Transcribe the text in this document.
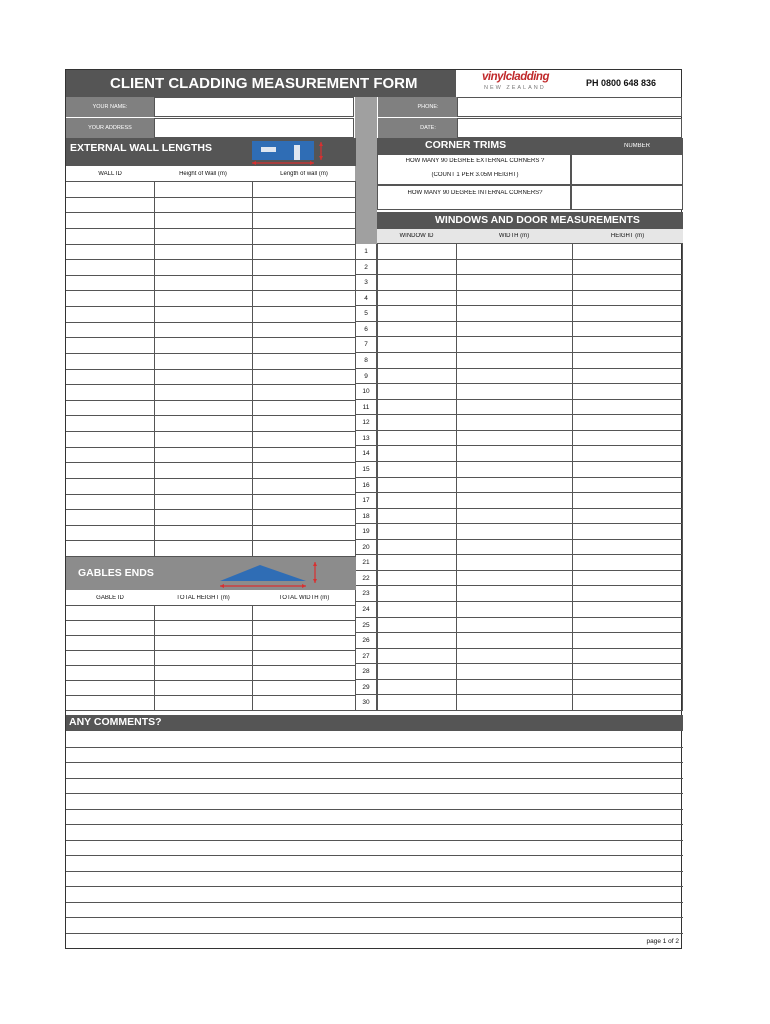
CLIENT CLADDING MEASUREMENT FORM	vinylcladding
NEW ZEALAND	PH 0800 648 836
YOUR NAME:
YOUR ADDRESS
PHONE:
DATE:
EXTERNAL WALL LENGTHS
WALL ID	Height of Wall (m)	Length of wall (m)
CORNER TRIMS	NUMBER
HOW MANY 90 DEGREE EXTERNAL CORNERS ?
(COUNT 1 PER 3.05M HEIGHT)
HOW MANY 90 DEGREE INTERNAL CORNERS?
WINDOWS AND DOOR MEASUREMENTS
WINDOW ID	WIDTH (m)	HEIGHT (m)
1
2
3
4
5
6
7
8
9
10
11
12
13
14
15
16
17
18
19
20
21
22
23
24
25
26
27
28
29
30
GABLES ENDS
GABLE ID	TOTAL HEIGHT (m)	TOTAL WIDTH (m)
ANY COMMENTS?
page 1 of 2
